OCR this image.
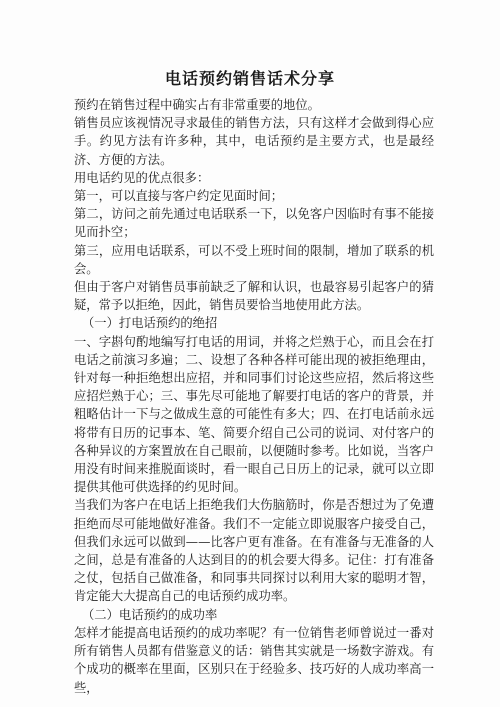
电话预约销售话术分享

预约在销售过程中确实占有非常重要的地位。

销售员应该视情况寻求最佳的销售方法，只有这样才会做到得心应手。约见方法有许多种，其中，电话预约是主要方式，也是最经济、方便的方法。

用电话约见的优点很多：

第一，可以直接与客户约定见面时间；

第二，访问之前先通过电话联系一下，以免客户因临时有事不能接见而扑空；

第三，应用电话联系，可以不受上班时间的限制，增加了联系的机会。

但由于客户对销售员事前缺乏了解和认识，也最容易引起客户的猜疑，常予以拒绝，因此，销售员要恰当地使用此方法。

（一）打电话预约的绝招

一、字斟句酌地编写打电话的用词，并将之烂熟于心，而且会在打电话之前演习多遍；二、设想了各种各样可能出现的被拒绝理由，针对每一种拒绝想出应招，并和同事们讨论这些应招，然后将这些应招烂熟于心；三、事先尽可能地了解要打电话的客户的背景，并粗略估计一下与之做成生意的可能性有多大；四、在打电话前永远将带有日历的记事本、笔、简要介绍自己公司的说词、对付客户的各种异议的方案置放在自己眼前，以便随时参考。比如说，当客户用没有时间来推脱面谈时，看一眼自己日历上的记录，就可以立即提供其他可供选择的约见时间。

当我们为客户在电话上拒绝我们大伤脑筋时，你是否想过为了免遭拒绝而尽可能地做好准备。我们不一定能立即说服客户接受自己，但我们永远可以做到——比客户更有准备。在有准备与无准备的人之间，总是有准备的人达到目的的机会要大得多。记住：打有准备之仗，包括自己做准备，和同事共同探讨以利用大家的聪明才智，肯定能大大提高自己的电话预约成功率。

（二）电话预约的成功率

怎样才能提高电话预约的成功率呢？有一位销售老师曾说过一番对所有销售人员都有借鉴意义的话：销售其实就是一场数字游戏。有个成功的概率在里面，区别只在于经验多、技巧好的人成功率高一些，
